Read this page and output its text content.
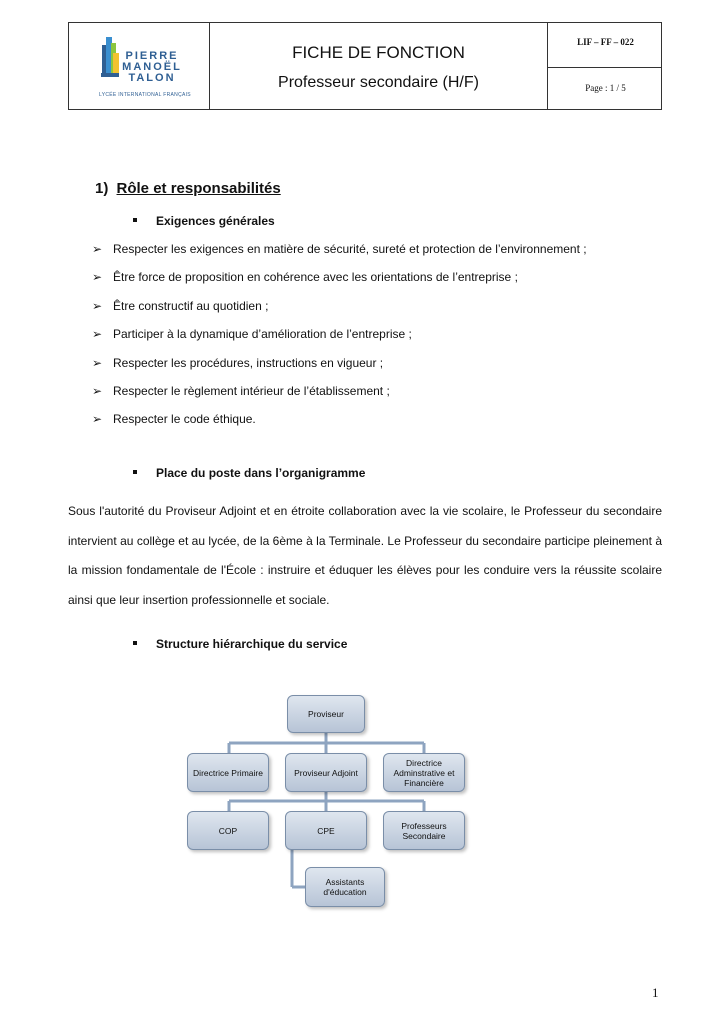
PIERRE
MANOËL
TALON
LYCÉE INTERNATIONAL FRANÇAIS
FICHE DE FONCTION
Professeur secondaire (H/F)
LIF – FF – 022
Page : 1 / 5
1) Rôle et responsabilités
Exigences générales
➢ Respecter les exigences en matière de sécurité, sureté et protection de l’environnement ;
➢ Être force de proposition en cohérence avec les orientations de l’entreprise ;
➢ Être constructif au quotidien ;
➢ Participer à la dynamique d’amélioration de l’entreprise ;
➢ Respecter les procédures, instructions en vigueur ;
➢ Respecter le règlement intérieur de l’établissement ;
➢ Respecter le code éthique.
Place du poste dans l’organigramme
Sous l'autorité du Proviseur Adjoint et en étroite collaboration avec la vie scolaire, le Professeur du secondaire intervient au collège et au lycée, de la 6ème à la Terminale. Le Professeur du secondaire participe pleinement à la mission fondamentale de l'École : instruire et éduquer les élèves pour les conduire vers la réussite scolaire ainsi que leur insertion professionnelle et sociale.
Structure hiérarchique du service
Proviseur
Directrice Primaire	Proviseur Adjoint
Directrice Adminstrative et Financière
COP	CPE	Professeurs Secondaire
Assistants d'éducation
1
